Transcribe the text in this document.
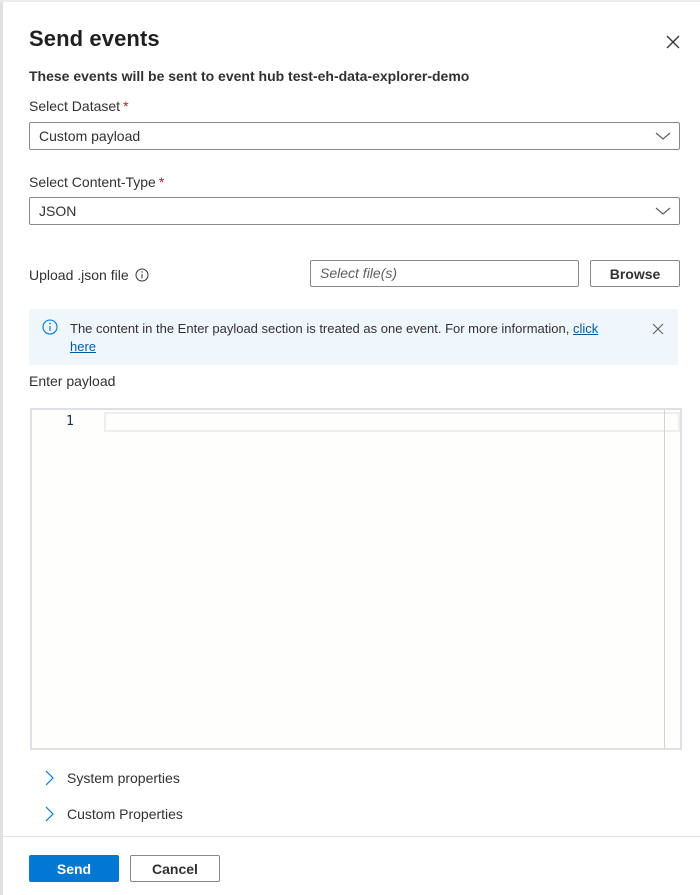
Send events
These events will be sent to event hub test-eh-data-explorer-demo
Select Dataset *
Custom payload
Select Content-Type *
JSON
Upload .json file	Select file(s)	Browse
The content in the Enter payload section is treated as one event. For more information, click here
Enter payload
1
System properties
Custom Properties
Send	Cancel
